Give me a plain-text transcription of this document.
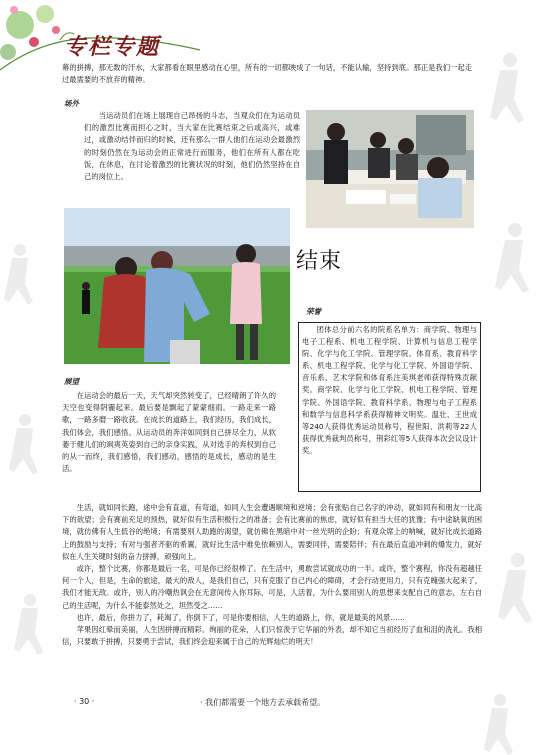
专栏专题

幕的拼搏，那无数的汗水，大家都看在眼里感动在心里，所有的一切都映成了一句话，不能认输，坚持到底。那正是我们一起走过最需要的不放弃的精神。

场外

当运动员们在场上展现自己昂扬的斗志，当观众们在为运动员们的激烈比赛而担心之时，当大家在比赛结束之后或高兴，或难过，或激动结伴而归的时候，还有那么一群人他们在运动会最激烈的时刻仍然在为运动会的正常进行而服务，他们在所有人都在吃饭，在休息，在讨论着激烈的比赛状况的时刻，他们仍然坚持在自己的岗位上。

结束
荣誉

团体总分前六名的院系名单为：商学院、物理与电子工程系、机电工程学院、计算机与信息工程学院、化学与化工学院、管理学院。体育系、教育科学系、机电工程学院、化学与化工学院、外国语学院、音乐系、艺术学院和体育系注美琪老师获得特殊贡献奖。商学院、化学与化工学院、机电工程学院、管理学院、外国语学院、教育科学系、物理与电子工程系和数学与信息科学系获得精神文明奖。温壮、王世成等240人获得优秀运动员称号，程世阳、洪莉等22人获得优秀裁判员称号，荆彩红等5人获得本次会议设计奖。

展望

在运动会的最后一天，天气却突然转变了，已经晴朗了许久的天空也变得阴霾起来。最后要是飘起了蒙蒙细雨。一路走来一路歌，一路多磨一路收获。在成长的道路上，我们经历，我们成长，我们体会，我们感悟。从运动员的奔洋如同到自己拼尽全力，从软萎于健儿们的飒爽英姿到自己的亲身实践，从对选手的奔权到自己的从一而终，我们感悟，我们感动，感悟的是成长，感动的是生活。

生活，就如同长跑，途中会有直道，有弯道，如同人生会遭遇顺境和逆境；会有张贴自己名字的冲动，就如同有和朋友一比高下的欲望；会有赛前充足的预热，就好似有生活积极行之的准备；会有比赛前的焦虑，就好似有担当大任的犹豫；有中途缺氧的困境，就仿佛有人生低谷的绝境；有需要别人助跑的渴望，就仿佛在黑暗中对一丝光明的企盼；有观众席上的呐喊，就好比成长道路上的鼓励与支持；有对与强者齐驱的希翼，就好比生活中难免依赖别人，需要同伴，需要陪伴；有在最后直道冲刺的爆发力，就好似在人生关键时刻的奋力拼搏，顽强向上。

或许，整个比赛，你都是最后一名，可是你已经很棒了。在生活中，勇敢尝试就成功的一半。或许，整个赛程，你没有超越任何一个人，但是，生命的旅途，最大的敌人，是我们自己，只有克服了自己内心的障碍，才会行动更用力，只有克魄强大起来了，我们才能无敌。或许，别人的冷嘲热讽会在无意间传入你耳际，可是，人活着，为什么要用别人的思想来支配自己的意志，左右自己的生活呢，为什么不能泰然处之，坦然受之……

也许，最后，你拼力了，耗竭了，你倒下了，可是你要相信，人生的道路上，你，就是最美的风景……

苹果因红晕而美丽，人生因拼搏而精彩。绚丽的花朵，人们只惊羡于它华丽的外表，却不知它当初经历了血和泪的洗礼。我相信，只要敢于拼搏，只要勇于尝试，我们终会迎来属于自己的光辉灿烂的明天！

· 30 ·	· 我们都需要一个地方去承载希望。
